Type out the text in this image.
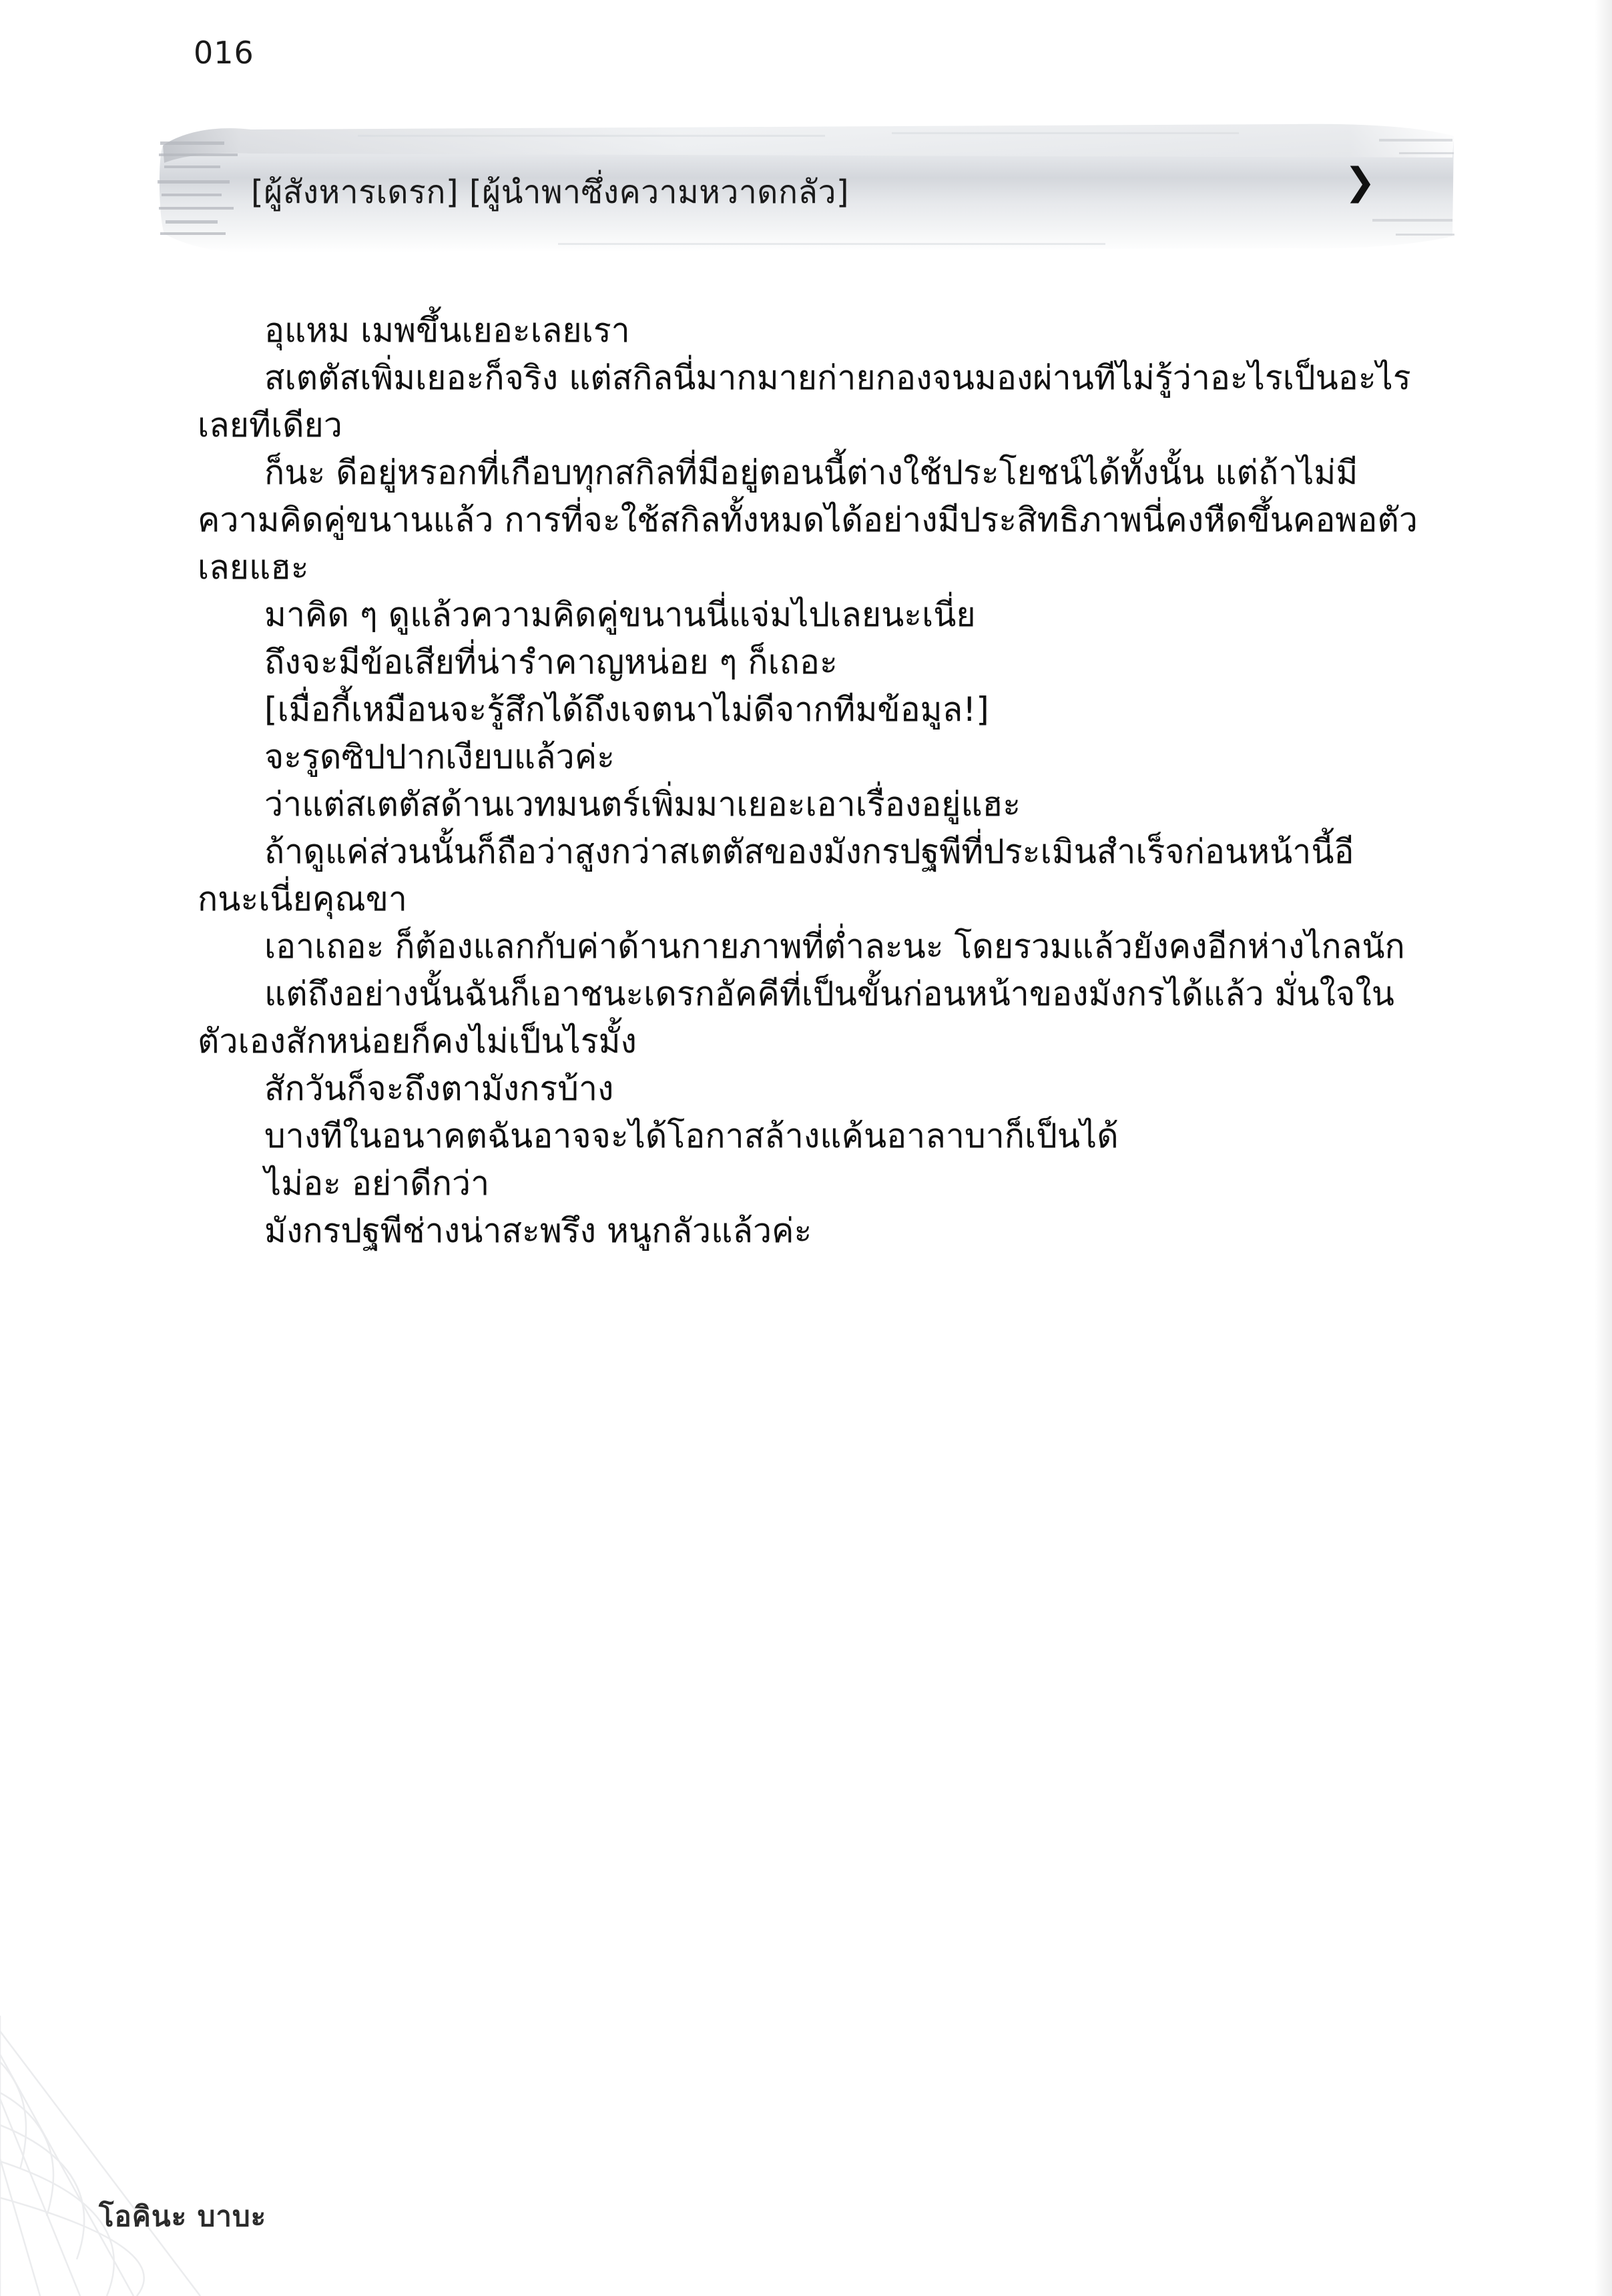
016
[ผู้สังหารเดรก] [ผู้นำพาซึ่งความหวาดกลัว]	❯

อุแหม เมพขึ้นเยอะเลยเรา

สเตตัสเพิ่มเยอะก็จริง แต่สกิลนี่มากมายก่ายกองจนมองผ่านทีไม่รู้ว่าอะไรเป็นอะไรเลยทีเดียว

ก็นะ ดีอยู่หรอกที่เกือบทุกสกิลที่มีอยู่ตอนนี้ต่างใช้ประโยชน์ได้ทั้งนั้น แต่ถ้าไม่มีความคิดคู่ขนานแล้ว การที่จะใช้สกิลทั้งหมดได้อย่างมีประสิทธิภาพนี่คงหืดขึ้นคอพอตัวเลยแฮะ

มาคิด ๆ ดูแล้วความคิดคู่ขนานนี่แจ่มไปเลยนะเนี่ย

ถึงจะมีข้อเสียที่น่ารำคาญหน่อย ๆ ก็เถอะ

[เมื่อกี้เหมือนจะรู้สึกได้ถึงเจตนาไม่ดีจากทีมข้อมูล!]

จะรูดซิปปากเงียบแล้วค่ะ

ว่าแต่สเตตัสด้านเวทมนตร์เพิ่มมาเยอะเอาเรื่องอยู่แฮะ

ถ้าดูแค่ส่วนนั้นก็ถือว่าสูงกว่าสเตตัสของมังกรปฐพีที่ประเมินสำเร็จก่อนหน้านี้อีกนะเนี่ยคุณขา

เอาเถอะ ก็ต้องแลกกับค่าด้านกายภาพที่ต่ำละนะ โดยรวมแล้วยังคงอีกห่างไกลนัก

แต่ถึงอย่างนั้นฉันก็เอาชนะเดรกอัคคีที่เป็นขั้นก่อนหน้าของมังกรได้แล้ว มั่นใจในตัวเองสักหน่อยก็คงไม่เป็นไรมั้ง

สักวันก็จะถึงตามังกรบ้าง

บางทีในอนาคตฉันอาจจะได้โอกาสล้างแค้นอาลาบาก็เป็นได้

ไม่อะ อย่าดีกว่า

มังกรปฐพีช่างน่าสะพรึง หนูกลัวแล้วค่ะ

โอคินะ บาบะ
